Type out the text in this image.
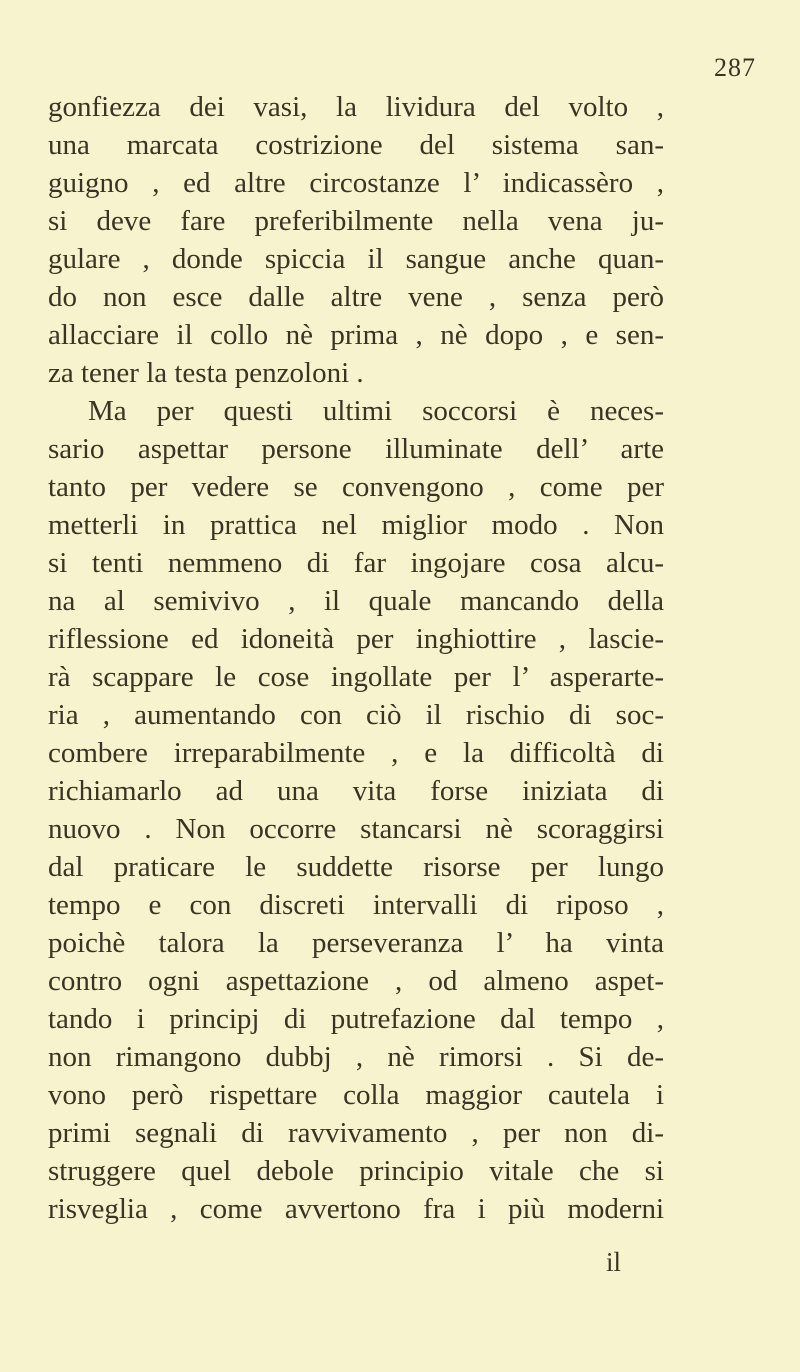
287
gonfiezza dei vasi, la lividura del volto ,
una marcata costrizione del sistema san-
guigno , ed altre circostanze l’ indicassèro ,
si deve fare preferibilmente nella vena ju-
gulare , donde spiccia il sangue anche quan-
do non esce dalle altre vene , senza però
allacciare il collo nè prima , nè dopo , e sen-
za tener la testa penzoloni .
Ma per questi ultimi soccorsi è neces-
sario aspettar persone illuminate dell’ arte
tanto per vedere se convengono , come per
metterli in prattica nel miglior modo . Non
si tenti nemmeno di far ingojare cosa alcu-
na al semivivo , il quale mancando della
riflessione ed idoneità per inghiottire , lascie-
rà scappare le cose ingollate per l’ asperarte-
ria , aumentando con ciò il rischio di soc-
combere irreparabilmente , e la difficoltà di
richiamarlo ad una vita forse iniziata di
nuovo . Non occorre stancarsi nè scoraggirsi
dal praticare le suddette risorse per lungo
tempo e con discreti intervalli di riposo ,
poichè talora la perseveranza l’ ha vinta
contro ogni aspettazione , od almeno aspet-
tando i principj di putrefazione dal tempo ,
non rimangono dubbj , nè rimorsi . Si de-
vono però rispettare colla maggior cautela i
primi segnali di ravvivamento , per non di-
struggere quel debole principio vitale che si
risveglia , come avvertono fra i più moderni
il
